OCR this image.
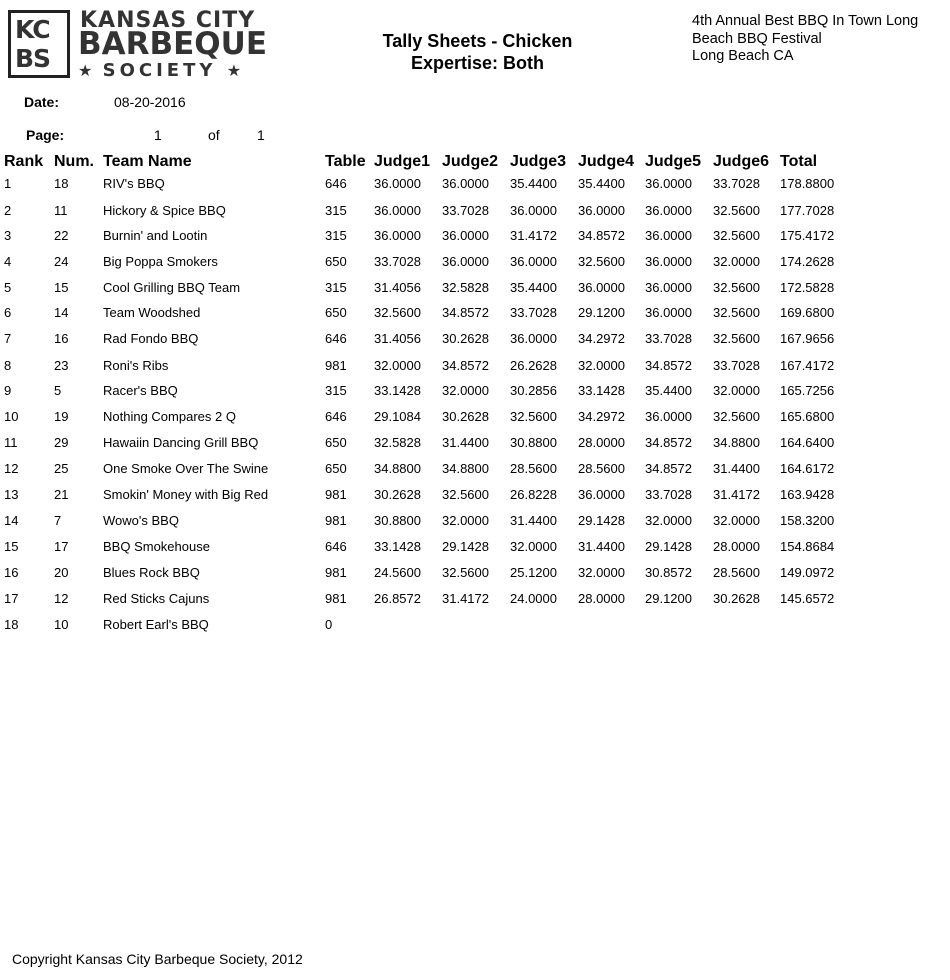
KC
BS
KANSAS CITY
BARBEQUE
★ SOCIETY ★
Tally Sheets - Chicken
Expertise: Both
4th Annual Best BBQ In Town Long
Beach BBQ Festival
Long Beach CA
Date:	08-20-2016
Page:	1	of	1
Rank Num. Team Name	Table Judge1 Judge2 Judge3 Judge4 Judge5 Judge6 Total
1	18	RIV's BBQ	646 36.0000 36.0000 35.4400 35.4400 36.0000 33.7028 178.8800
2	11	Hickory & Spice BBQ	315 36.0000 33.7028 36.0000 36.0000 36.0000 32.5600 177.7028
3	22	Burnin' and Lootin	315 36.0000 36.0000 31.4172 34.8572 36.0000 32.5600 175.4172
4	24	Big Poppa Smokers	650 33.7028 36.0000 36.0000 32.5600 36.0000 32.0000 174.2628
5	15	Cool Grilling BBQ Team	315 31.4056 32.5828 35.4400 36.0000 36.0000 32.5600 172.5828
6	14	Team Woodshed	650 32.5600 34.8572 33.7028 29.1200 36.0000 32.5600 169.6800
7	16	Rad Fondo BBQ	646 31.4056 30.2628 36.0000 34.2972 33.7028 32.5600 167.9656
8	23	Roni's Ribs	981 32.0000 34.8572 26.2628 32.0000 34.8572 33.7028 167.4172
9	5	Racer's BBQ	315 33.1428 32.0000 30.2856 33.1428 35.4400 32.0000 165.7256
10	19	Nothing Compares 2 Q	646 29.1084 30.2628 32.5600 34.2972 36.0000 32.5600 165.6800
11	29	Hawaiin Dancing Grill BBQ	650 32.5828 31.4400 30.8800 28.0000 34.8572 34.8800 164.6400
12	25	One Smoke Over The Swine	650 34.8800 34.8800 28.5600 28.5600 34.8572 31.4400 164.6172
13	21	Smokin' Money with Big Red	981 30.2628 32.5600 26.8228 36.0000 33.7028 31.4172 163.9428
14	7	Wowo's BBQ	981 30.8800 32.0000 31.4400 29.1428 32.0000 32.0000 158.3200
15	17	BBQ Smokehouse	646 33.1428 29.1428 32.0000 31.4400 29.1428 28.0000 154.8684
16	20	Blues Rock BBQ	981 24.5600 32.5600 25.1200 32.0000 30.8572 28.5600 149.0972
17	12	Red Sticks Cajuns	981 26.8572 31.4172 24.0000 28.0000 29.1200 30.2628 145.6572
18	10	Robert Earl's BBQ	0
Copyright Kansas City Barbeque Society, 2012
